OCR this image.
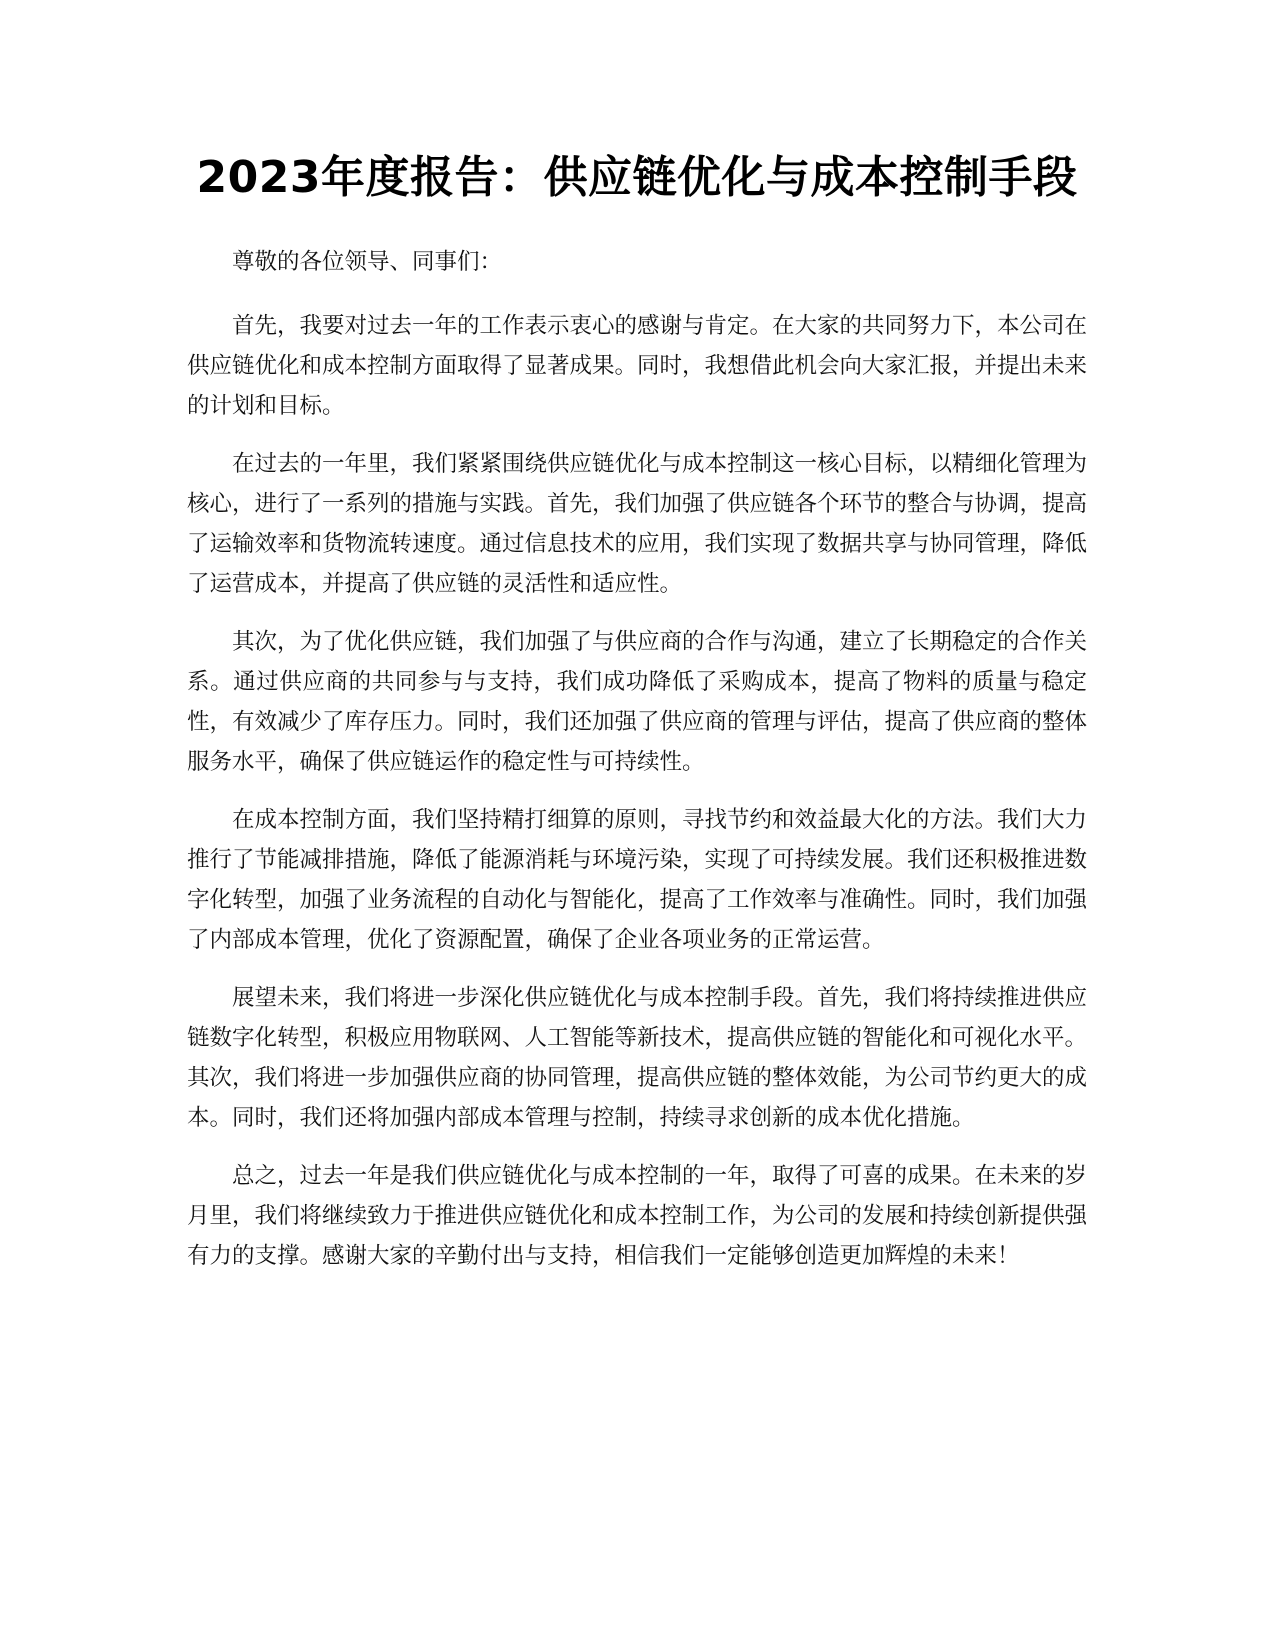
2023年度报告：供应链优化与成本控制手段

尊敬的各位领导、同事们：

首先，我要对过去一年的工作表示衷心的感谢与肯定。在大家的共同努力下，本公司在供应链优化和成本控制方面取得了显著成果。同时，我想借此机会向大家汇报，并提出未来的计划和目标。

在过去的一年里，我们紧紧围绕供应链优化与成本控制这一核心目标，以精细化管理为核心，进行了一系列的措施与实践。首先，我们加强了供应链各个环节的整合与协调，提高了运输效率和货物流转速度。通过信息技术的应用，我们实现了数据共享与协同管理，降低了运营成本，并提高了供应链的灵活性和适应性。

其次，为了优化供应链，我们加强了与供应商的合作与沟通，建立了长期稳定的合作关系。通过供应商的共同参与与支持，我们成功降低了采购成本，提高了物料的质量与稳定性，有效减少了库存压力。同时，我们还加强了供应商的管理与评估，提高了供应商的整体服务水平，确保了供应链运作的稳定性与可持续性。

在成本控制方面，我们坚持精打细算的原则，寻找节约和效益最大化的方法。我们大力推行了节能减排措施，降低了能源消耗与环境污染，实现了可持续发展。我们还积极推进数字化转型，加强了业务流程的自动化与智能化，提高了工作效率与准确性。同时，我们加强了内部成本管理，优化了资源配置，确保了企业各项业务的正常运营。

展望未来，我们将进一步深化供应链优化与成本控制手段。首先，我们将持续推进供应链数字化转型，积极应用物联网、人工智能等新技术，提高供应链的智能化和可视化水平。其次，我们将进一步加强供应商的协同管理，提高供应链的整体效能，为公司节约更大的成本。同时，我们还将加强内部成本管理与控制，持续寻求创新的成本优化措施。

总之，过去一年是我们供应链优化与成本控制的一年，取得了可喜的成果。在未来的岁月里，我们将继续致力于推进供应链优化和成本控制工作，为公司的发展和持续创新提供强有力的支撑。感谢大家的辛勤付出与支持，相信我们一定能够创造更加辉煌的未来！
